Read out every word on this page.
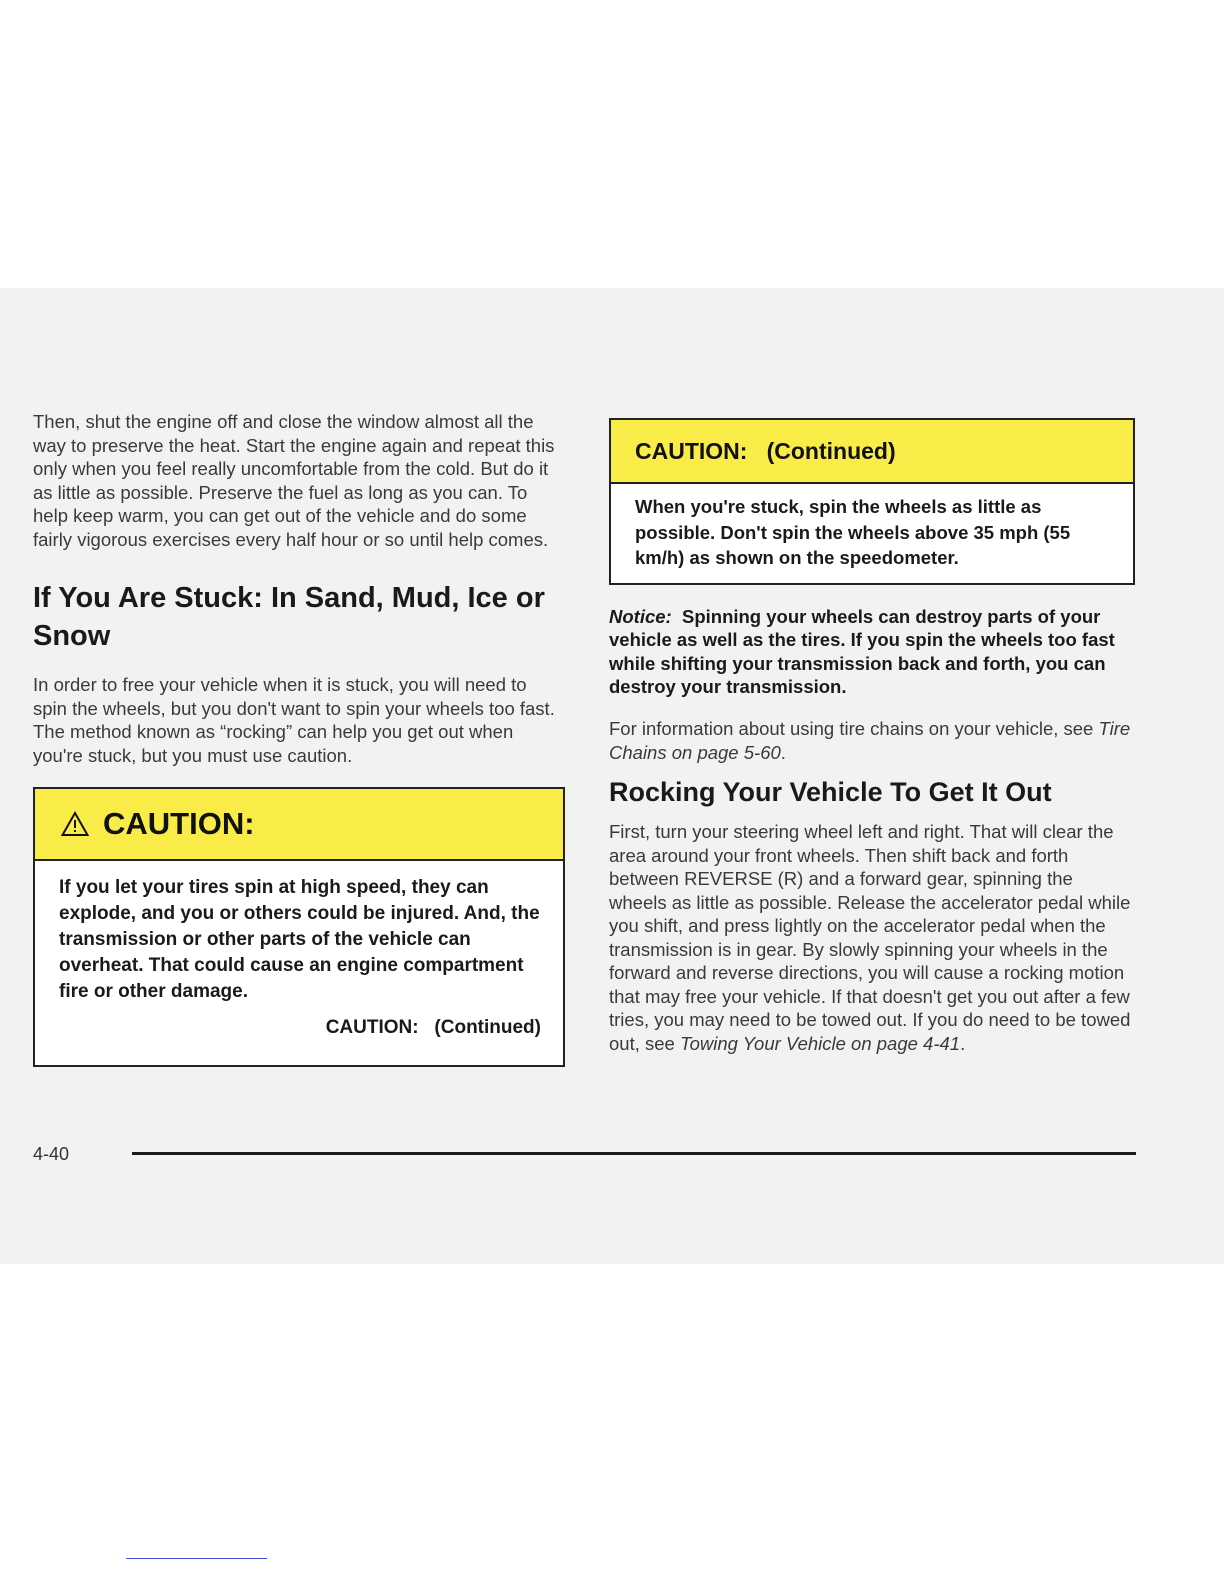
Then, shut the engine off and close the window almost all the way to preserve the heat. Start the engine again and repeat this only when you feel really uncomfortable from the cold. But do it as little as possible. Preserve the fuel as long as you can. To help keep warm, you can get out of the vehicle and do some fairly vigorous exercises every half hour or so until help comes.

If You Are Stuck: In Sand, Mud, Ice or Snow

In order to free your vehicle when it is stuck, you will need to spin the wheels, but you don't want to spin your wheels too fast. The method known as “rocking” can help you get out when you're stuck, but you must use caution.

CAUTION:
If you let your tires spin at high speed, they can explode, and you or others could be injured. And, the transmission or other parts of the vehicle can overheat. That could cause an engine compartment fire or other damage.
CAUTION:   (Continued)
CAUTION:   (Continued)
When you're stuck, spin the wheels as little as possible. Don't spin the wheels above 35 mph (55 km/h) as shown on the speedometer.

Notice: Spinning your wheels can destroy parts of your vehicle as well as the tires. If you spin the wheels too fast while shifting your transmission back and forth, you can destroy your transmission.

For information about using tire chains on your vehicle, see Tire Chains on page 5-60.

Rocking Your Vehicle To Get It Out

First, turn your steering wheel left and right. That will clear the area around your front wheels. Then shift back and forth between REVERSE (R) and a forward gear, spinning the wheels as little as possible. Release the accelerator pedal while you shift, and press lightly on the accelerator pedal when the transmission is in gear. By slowly spinning your wheels in the forward and reverse directions, you will cause a rocking motion that may free your vehicle. If that doesn't get you out after a few tries, you may need to be towed out. If you do need to be towed out, see Towing Your Vehicle on page 4-41.

4-40
